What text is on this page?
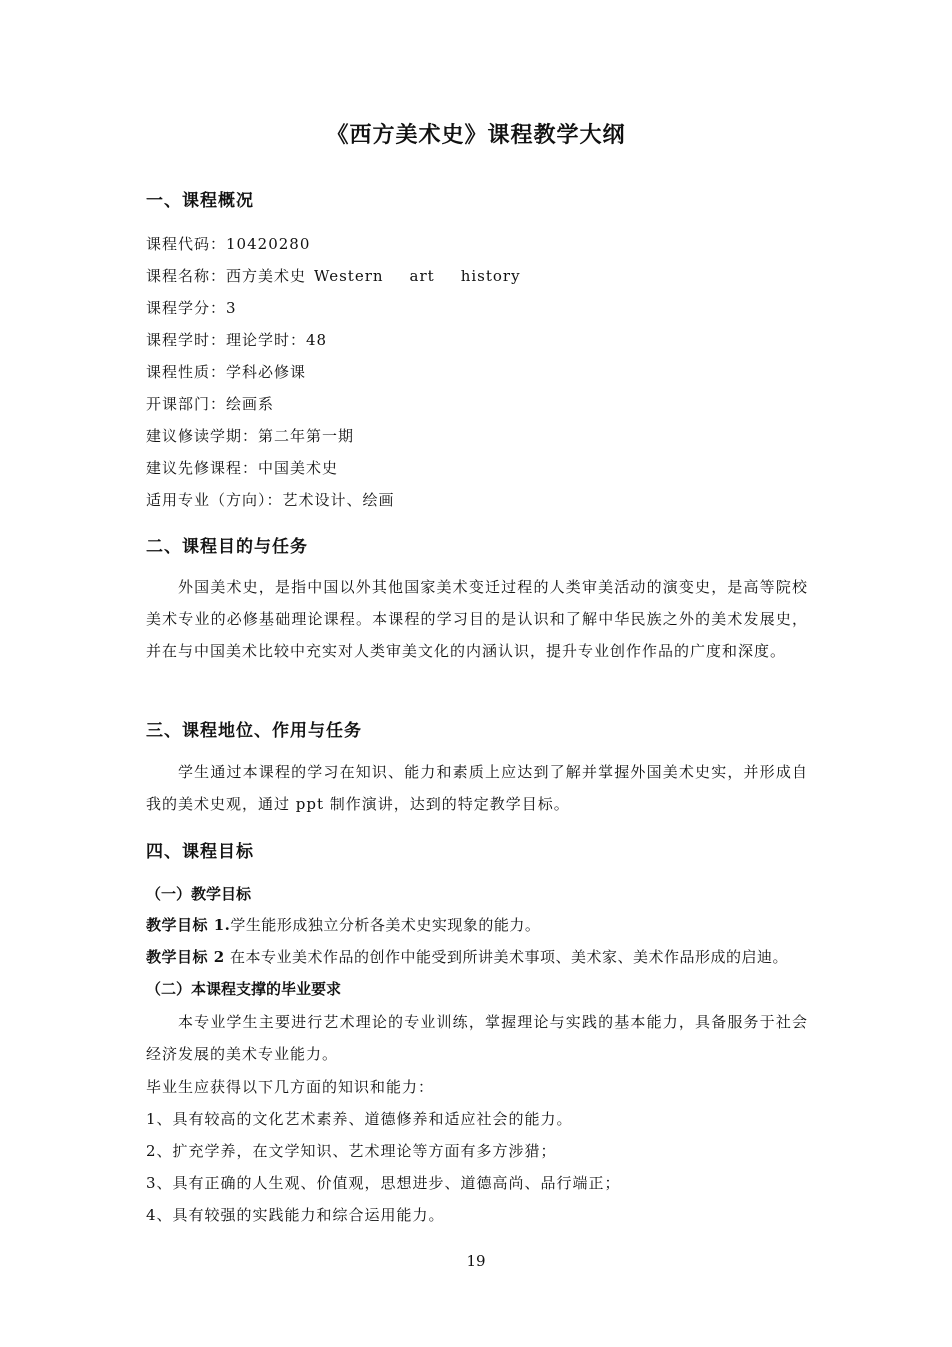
《西方美术史》课程教学大纲
一、课程概况
课程代码：10420280
课程名称：西方美术史 Western art history
课程学分：3
课程学时：理论学时：48
课程性质：学科必修课
开课部门：绘画系
建议修读学期：第二年第一期
建议先修课程：中国美术史
适用专业（方向）：艺术设计、绘画
二、课程目的与任务
外国美术史，是指中国以外其他国家美术变迁过程的人类审美活动的演变史，是高等院校美术专业的必修基础理论课程。本课程的学习目的是认识和了解中华民族之外的美术发展史，并在与中国美术比较中充实对人类审美文化的内涵认识，提升专业创作作品的广度和深度。
三、课程地位、作用与任务
学生通过本课程的学习在知识、能力和素质上应达到了解并掌握外国美术史实，并形成自我的美术史观，通过 ppt 制作演讲，达到的特定教学目标。
四、课程目标
（一）教学目标
教学目标 1.学生能形成独立分析各美术史实现象的能力。
教学目标 2 在本专业美术作品的创作中能受到所讲美术事项、美术家、美术作品形成的启迪。
（二）本课程支撑的毕业要求
本专业学生主要进行艺术理论的专业训练，掌握理论与实践的基本能力，具备服务于社会经济发展的美术专业能力。
毕业生应获得以下几方面的知识和能力：
1、具有较高的文化艺术素养、道德修养和适应社会的能力。
2、扩充学养，在文学知识、艺术理论等方面有多方涉猎；
3、具有正确的人生观、价值观，思想进步、道德高尚、品行端正；
4、具有较强的实践能力和综合运用能力。
19
